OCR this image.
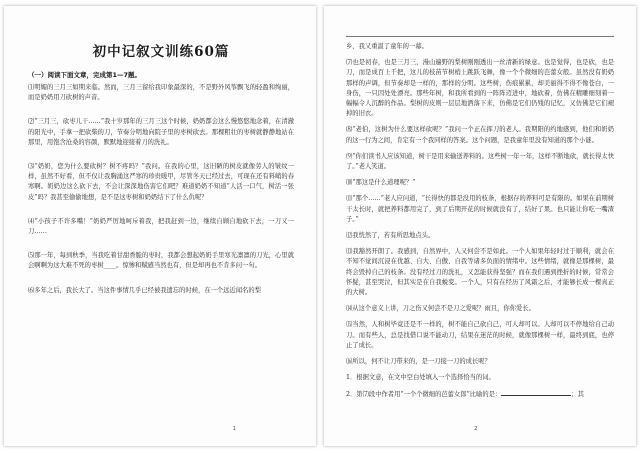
初中记叙文训练60篇
（一）阅读下面文章，完成第1—7题。

⑴明媚的三月三如期来临。然而，三月三留给我印象最深的，不是野外风筝飘飞的轻盈和绚丽，而是奶奶用刀砍树的声音。

⑵“三月三，砍枣儿干……”我十岁那年的三月三这个时候，奶奶都会这么慢悠悠地念着，在清澈的阳光中，手拿一把砍柴的刀，节奏分明地向院子里的枣树砍去。那棵粗壮的枣树就静静地站在那里，用饱含沧桑的容颜，默默地迎接着刀的洗礼。

⑶“奶奶，您为什么要砍树？树不疼吗？”我问。在我的心里，这旧陋的树皮就像劳人的皱纹一样，虽然不好看，但不仅让我胸涌这严寒的珍贵暖甲，尽管冬天已经过去，可现在还有料峭的春寒啊。奶奶边这么砍下去，不会让深深地伤害它们吧？难道奶奶不知道“人活一口气，树活一张皮”吗？我甚至偷偷地想，是不是这枣树和奶奶结下了什么仇呢？

⑷“小孩子不许多嘴！”奶奶严厉地呵斥着我，把我赶到一边，继续自顾自地砍下去，一刀又一刀……

⑸那一年，每到秋季，当我吃着甘甜香脆的枣时，我都会想起奶奶手里寒光凛凛的刀光，心里就会啊啊为这大难不死的枣树____。惊惨和赋感当然也有，但是却再也不肯多问一句。

⑹多年之后，我长大了。当这件事情几乎已经被我遗忘的时候，在一个远近闻名的梨

1

乡，我又重温了童年的一幕。

⑺也是初春，也是三月三，漫山遍野的梨树刚刚透出一丝清新的绿意。也是觉得，也是砍，也是刀，而是成百上千把，这儿的枝苗节树梢上跳跃飞舞，像一个个微细的芭蕾女般。虽然没有奶奶那样的声调，但节奏却是一样的，那样的分明。这些树，伤痕累累，却美丽得不得不像苍白，一身伤，一只因处处漂亮。那些年树，和我所看到的一阵阵迈进中，地砍着，仿佛在精雕细刻着一幅幅令人沉醉的作品。梨树的皮则一层层地洒落下来，仿佛是它们仍残的记忆，又仿佛是它们褪掉的旧衣。

⑻“老伯，这树为什么要这样砍呢？”我问一个正在挥刀的老人。我期阳的约地感到，他们和奶奶的这一行为之间，肯定有一个我同样的答案。这个问题，是我童年里没有知道的那个小谜。

⑼“你们读书人应该知道，树干是用来输送养料的。这些树一年一年，这样不断地砍，就长得太快了。”老人笑道。

⑽“那这是什么道理呢？”

⑾“那个……”老人应问道，“长得快的都是没用的枝条，根据存的养料可是有限的。如果在前期树干太长时，就把养料都用完了，到了后期开花的时候就没有了，结好了果。也只能让你吃一嘴渣子。”

⑿我恍然了，若有所思地点头。

⒀我豁然开朗了。我感到，自然界中，人又何尝不是如此。一个人如果年轻时过于顺利，就会在不知不觉间沉浸在优越、自大、自傲、自我等诸多负面的情绪中。这些情绪，就像是那棵树，最终会毁掉自己的枝条。没有经过刀的洗礼，又怎能获得坚强？而在我们遇到挫折的时候，常常会怀疑，甚至哭泣，但其实是在自我蜕变。一个人，只有在经历了风霜之后，才能够长成一棵真正的大树。

⒁从这个意义上讲，刀之伤又何尝不是刀之爱呢？雨且，你你爱长。

⒂当然，人和树毕竟还是不一样的，树不能自己砍自己，可人却可以。人却可以不停地给自己动刀。而有些人，总是找借口说不能动刀，结果在迷茫的时候，就像那棵树一样，最终到底，也停止了成长。

⒃所以，何不让刀带来的，是一刀接一刀的成长呢？

1．根据文意，在文中空白处填入一个选择恰当的词。
2．第⑺段中作者用“一个个微细的芭蕾女郎”比喻的是：	；其
2
